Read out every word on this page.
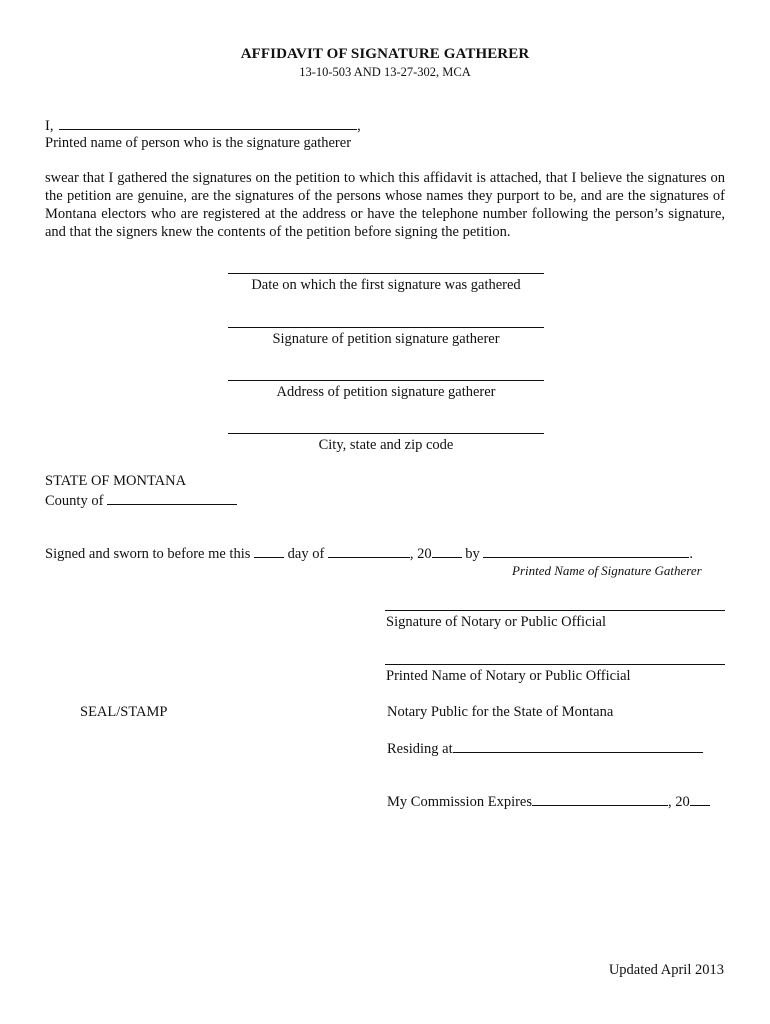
AFFIDAVIT OF SIGNATURE GATHERER
13-10-503 AND 13-27-302, MCA
I,	,
Printed name of person who is the signature gatherer
swear that I gathered the signatures on the petition to which this affidavit is attached, that I believe the signatures on the petition are genuine, are the signatures of the persons whose names they purport to be, and are the signatures of Montana electors who are registered at the address or have the telephone number following the person’s signature, and that the signers knew the contents of the petition before signing the petition.
Date on which the first signature was gathered
Signature of petition signature gatherer
Address of petition signature gatherer
City, state and zip code
STATE OF MONTANA
County of
Signed and sworn to before me this	day of	, 20 by	.
Printed Name of Signature Gatherer
Signature of Notary or Public Official
Printed Name of Notary or Public Official
SEAL/STAMP	Notary Public for the State of Montana
Residing at
My Commission Expires	, 20
Updated April 2013
